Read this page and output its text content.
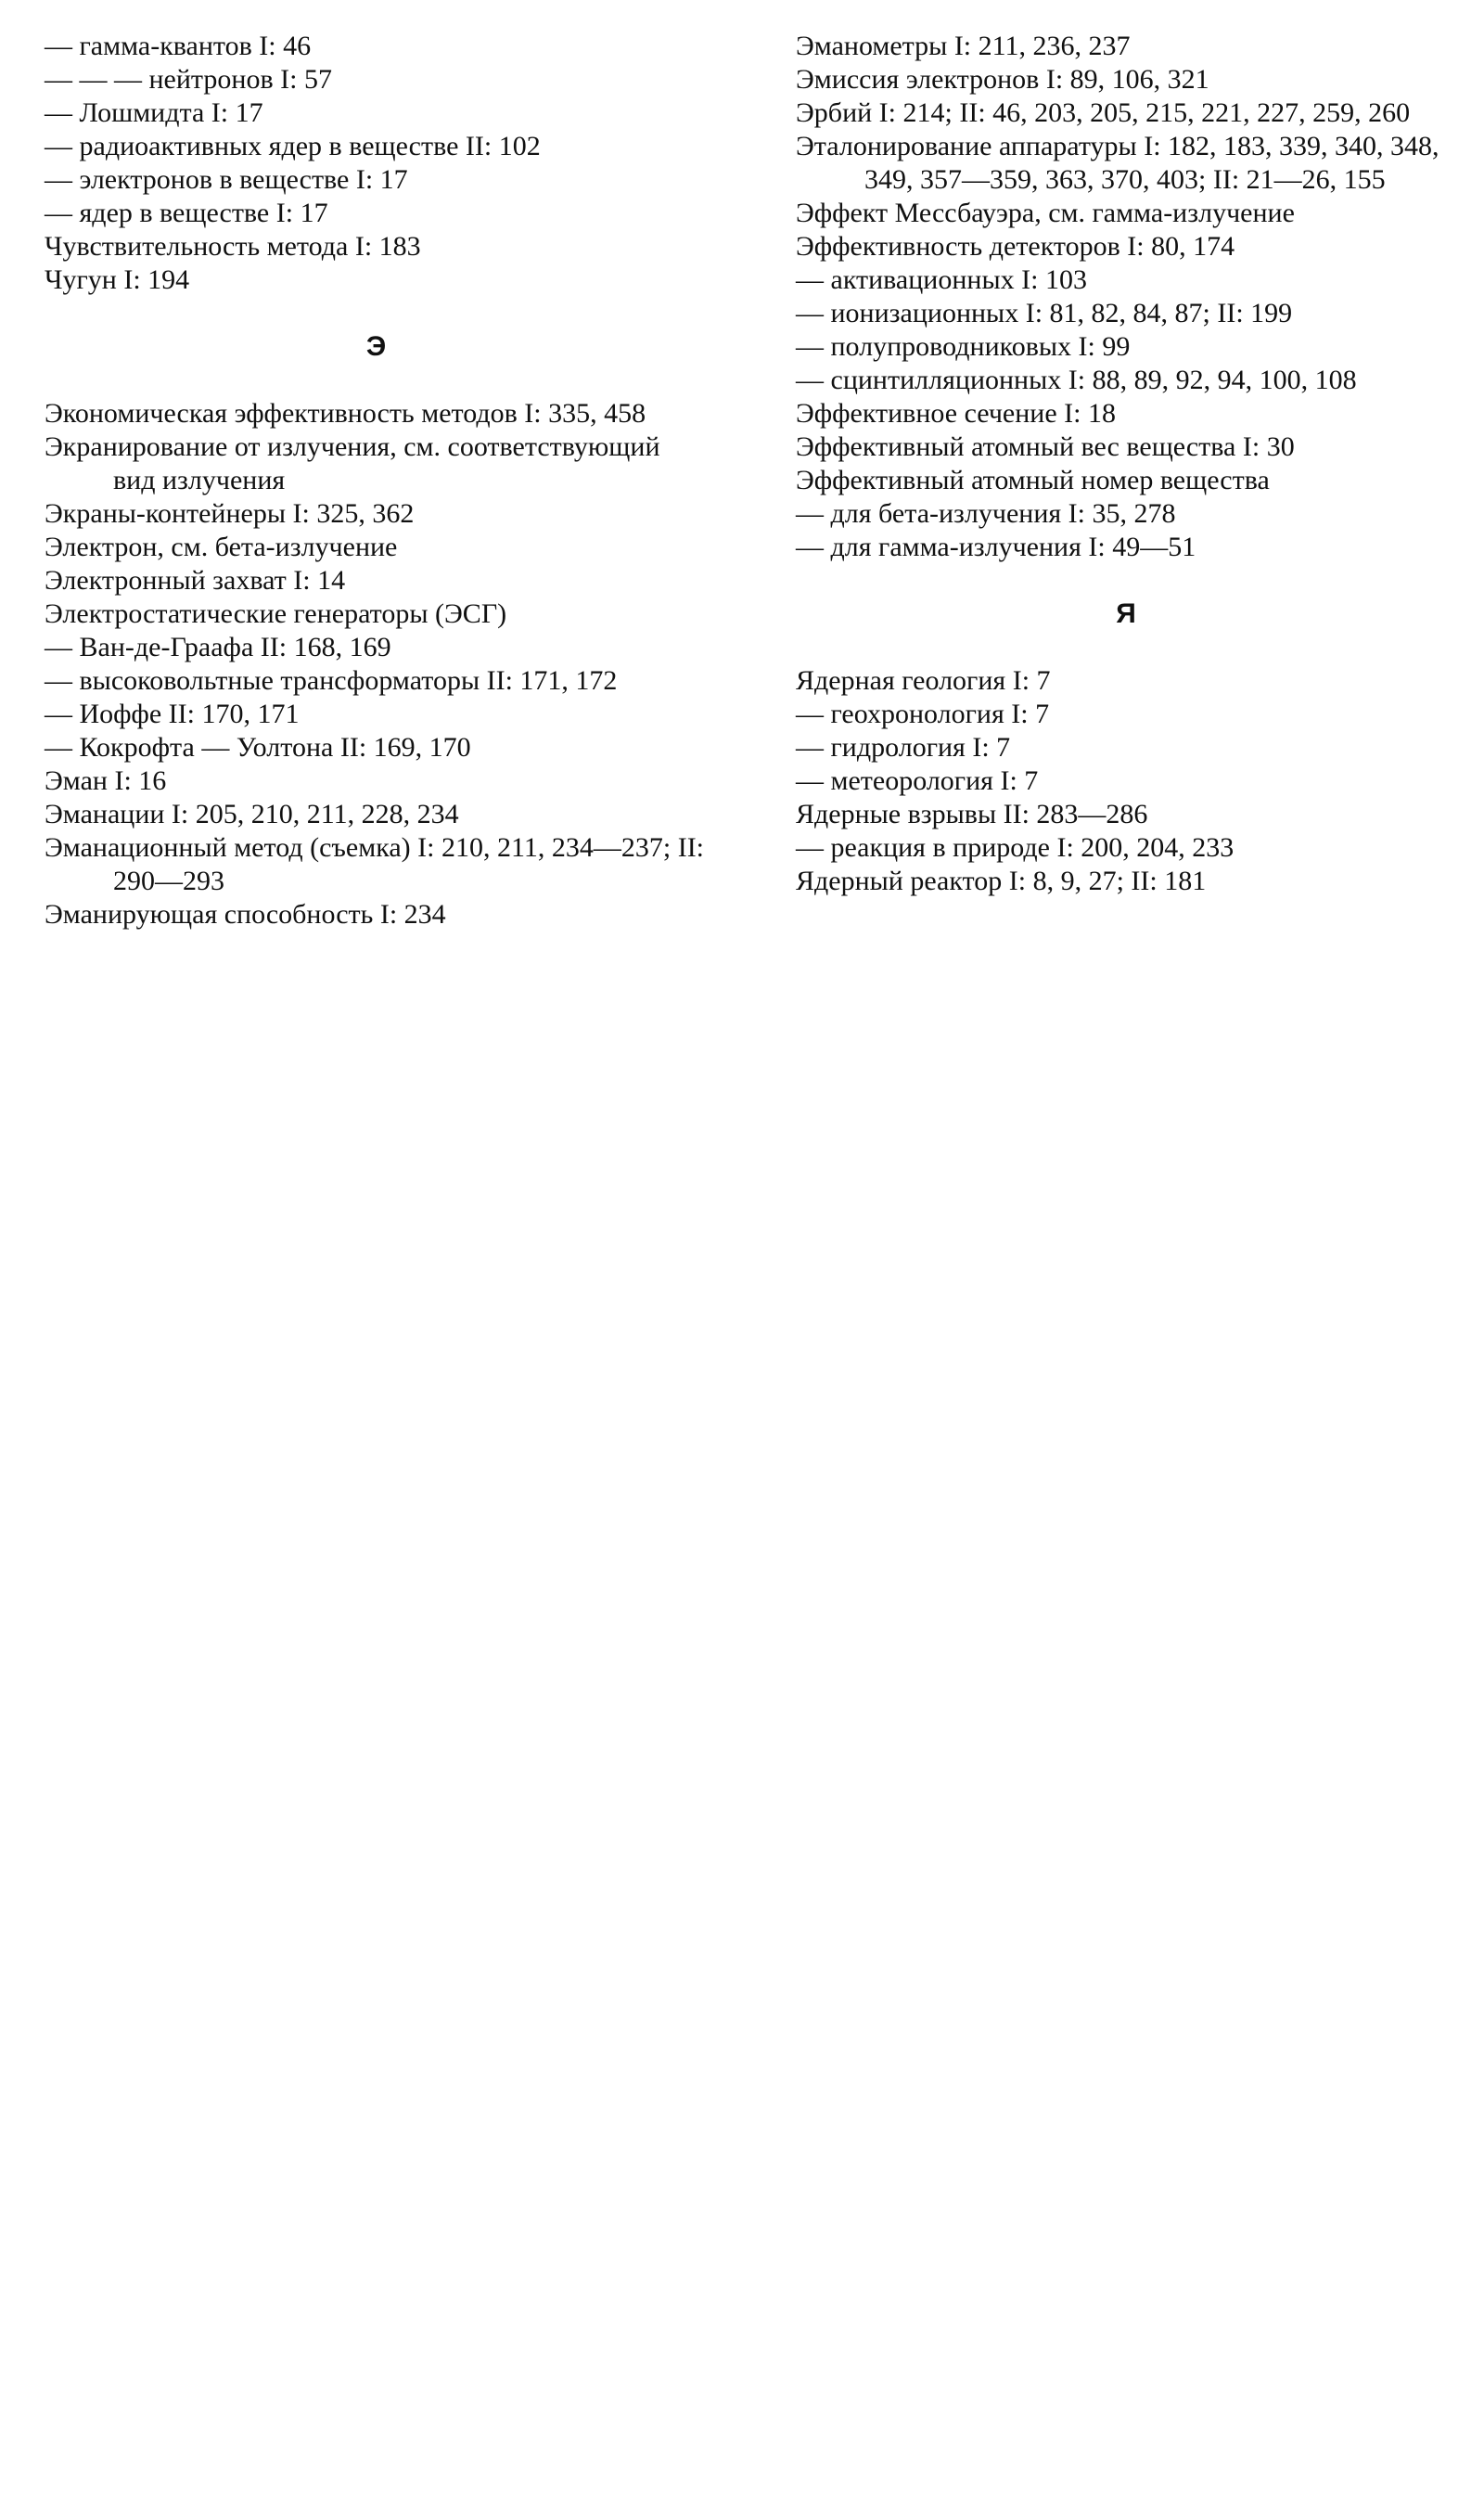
— гамма-квантов I: 46

— — — нейтронов I: 57

— Лошмидта I: 17

— радиоактивных ядер в веществе II: 102

— электронов в веществе I: 17

— ядер в веществе I: 17

Чувствительность метода I: 183

Чугун I: 194

Э

Экономическая эффективность методов I: 335, 458

Экранирование от излучения, см. соответствующий вид излучения

Экраны-контейнеры I: 325, 362

Электрон, см. бета-излучение

Электронный захват I: 14

Электростатические генераторы (ЭСГ)

— Ван-де-Граафа II: 168, 169

— высоковольтные трансформаторы II: 171, 172

— Иоффе II: 170, 171

— Кокрофта — Уолтона II: 169, 170

Эман I: 16

Эманации I: 205, 210, 211, 228, 234

Эманационный метод (съемка) I: 210, 211, 234—237; II: 290—293

Эманирующая способность I: 234

Эманометры I: 211, 236, 237

Эмиссия электронов I: 89, 106, 321

Эрбий I: 214; II: 46, 203, 205, 215, 221, 227, 259, 260

Эталонирование аппаратуры I: 182, 183, 339, 340, 348, 349, 357—359, 363, 370, 403; II: 21—26, 155

Эффект Мессбауэра, см. гамма-излучение

Эффективность детекторов I: 80, 174

— активационных I: 103

— ионизационных I: 81, 82, 84, 87; II: 199

— полупроводниковых I: 99

— сцинтилляционных I: 88, 89, 92, 94, 100, 108

Эффективное сечение I: 18

Эффективный атомный вес вещества I: 30

Эффективный атомный номер вещества

— для бета-излучения I: 35, 278

— для гамма-излучения I: 49—51

Я

Ядерная геология I: 7

— геохронология I: 7

— гидрология I: 7

— метеорология I: 7

Ядерные взрывы II: 283—286

— реакция в природе I: 200, 204, 233

Ядерный реактор I: 8, 9, 27; II: 181
